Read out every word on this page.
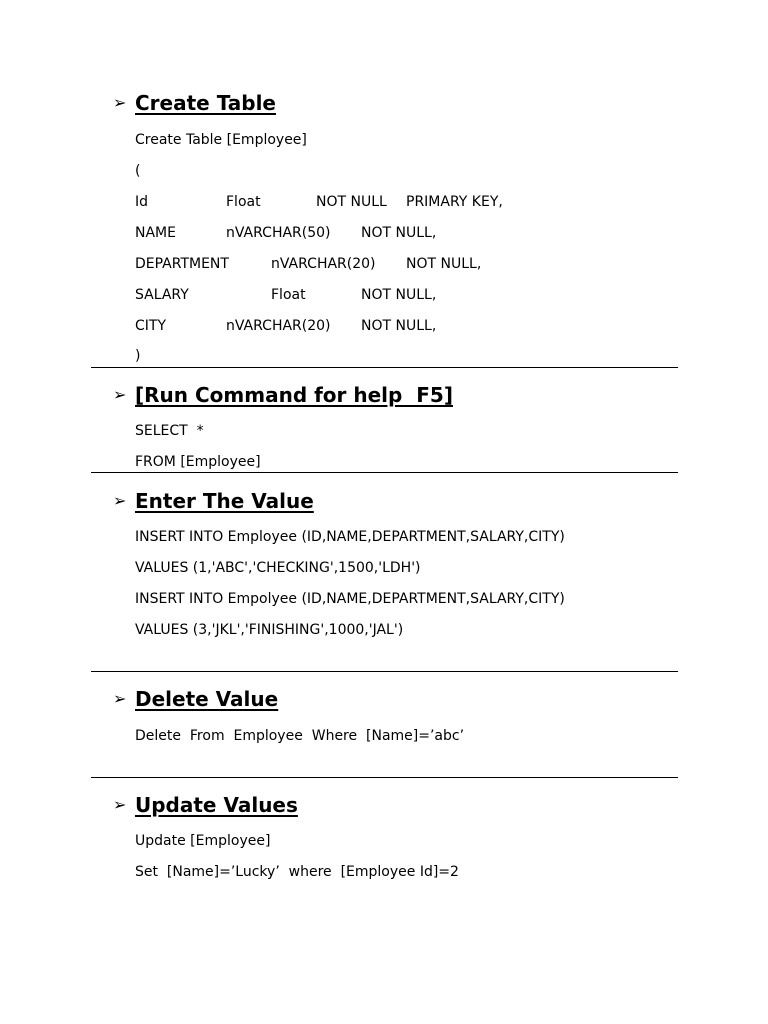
➢ Create Table
Create Table [Employee]
(
Id	Float	NOT NULL PRIMARY KEY,
NAME	nVARCHAR(50) NOT NULL,
DEPARTMENT	nVARCHAR(20) NOT NULL,
SALARY	Float	NOT NULL,
CITY	nVARCHAR(20) NOT NULL,
)
➢ [Run Command for help  F5]
SELECT  *
FROM [Employee]
➢ Enter The Value
INSERT INTO Employee (ID,NAME,DEPARTMENT,SALARY,CITY)
VALUES (1,'ABC','CHECKING',1500,'LDH')
INSERT INTO Empolyee (ID,NAME,DEPARTMENT,SALARY,CITY)
VALUES (3,'JKL','FINISHING',1000,'JAL')
➢ Delete Value
Delete  From  Employee  Where  [Name]=’abc’
➢ Update Values
Update [Employee]
Set  [Name]=’Lucky’  where  [Employee Id]=2
